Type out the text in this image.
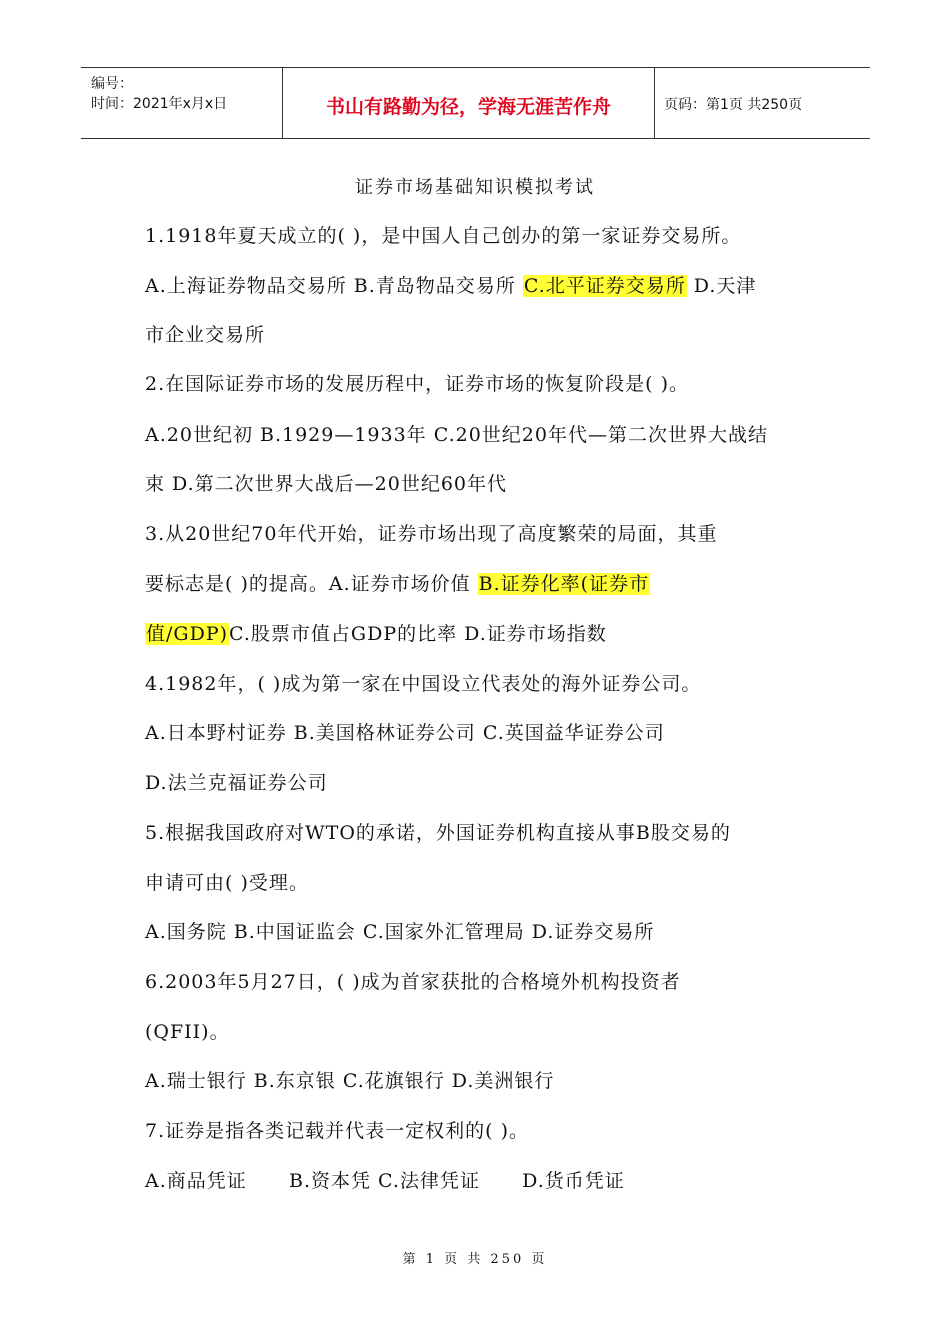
编号：
时间：2021年x月x日	书山有路勤为径，学海无涯苦作舟	页码：第1页 共250页
证券市场基础知识模拟考试
1.1918年夏天成立的( )，是中国人自己创办的第一家证券交易所。
A.上海证券物品交易所 B.青岛物品交易所 C.北平证券交易所 D.天津
市企业交易所
2.在国际证券市场的发展历程中，证券市场的恢复阶段是( )。
A.20世纪初 B.1929—1933年 C.20世纪20年代—第二次世界大战结
束 D.第二次世界大战后—20世纪60年代
3.从20世纪70年代开始，证券市场出现了高度繁荣的局面，其重
要标志是( )的提高。A.证券市场价值 B.证券化率(证券市
值/GDP)C.股票市值占GDP的比率 D.证券市场指数
4.1982年，( )成为第一家在中国设立代表处的海外证券公司。
A.日本野村证券 B.美国格林证券公司 C.英国益华证券公司
D.法兰克福证券公司
5.根据我国政府对WTO的承诺，外国证券机构直接从事B股交易的
申请可由( )受理。
A.国务院 B.中国证监会 C.国家外汇管理局 D.证券交易所
6.2003年5月27日，( )成为首家获批的合格境外机构投资者
(QFII)。
A.瑞士银行 B.东京银 C.花旗银行 D.美洲银行
7.证券是指各类记载并代表一定权利的( )。
A.商品凭证      B.资本凭 C.法律凭证      D.货币凭证
第 1 页 共 250 页
